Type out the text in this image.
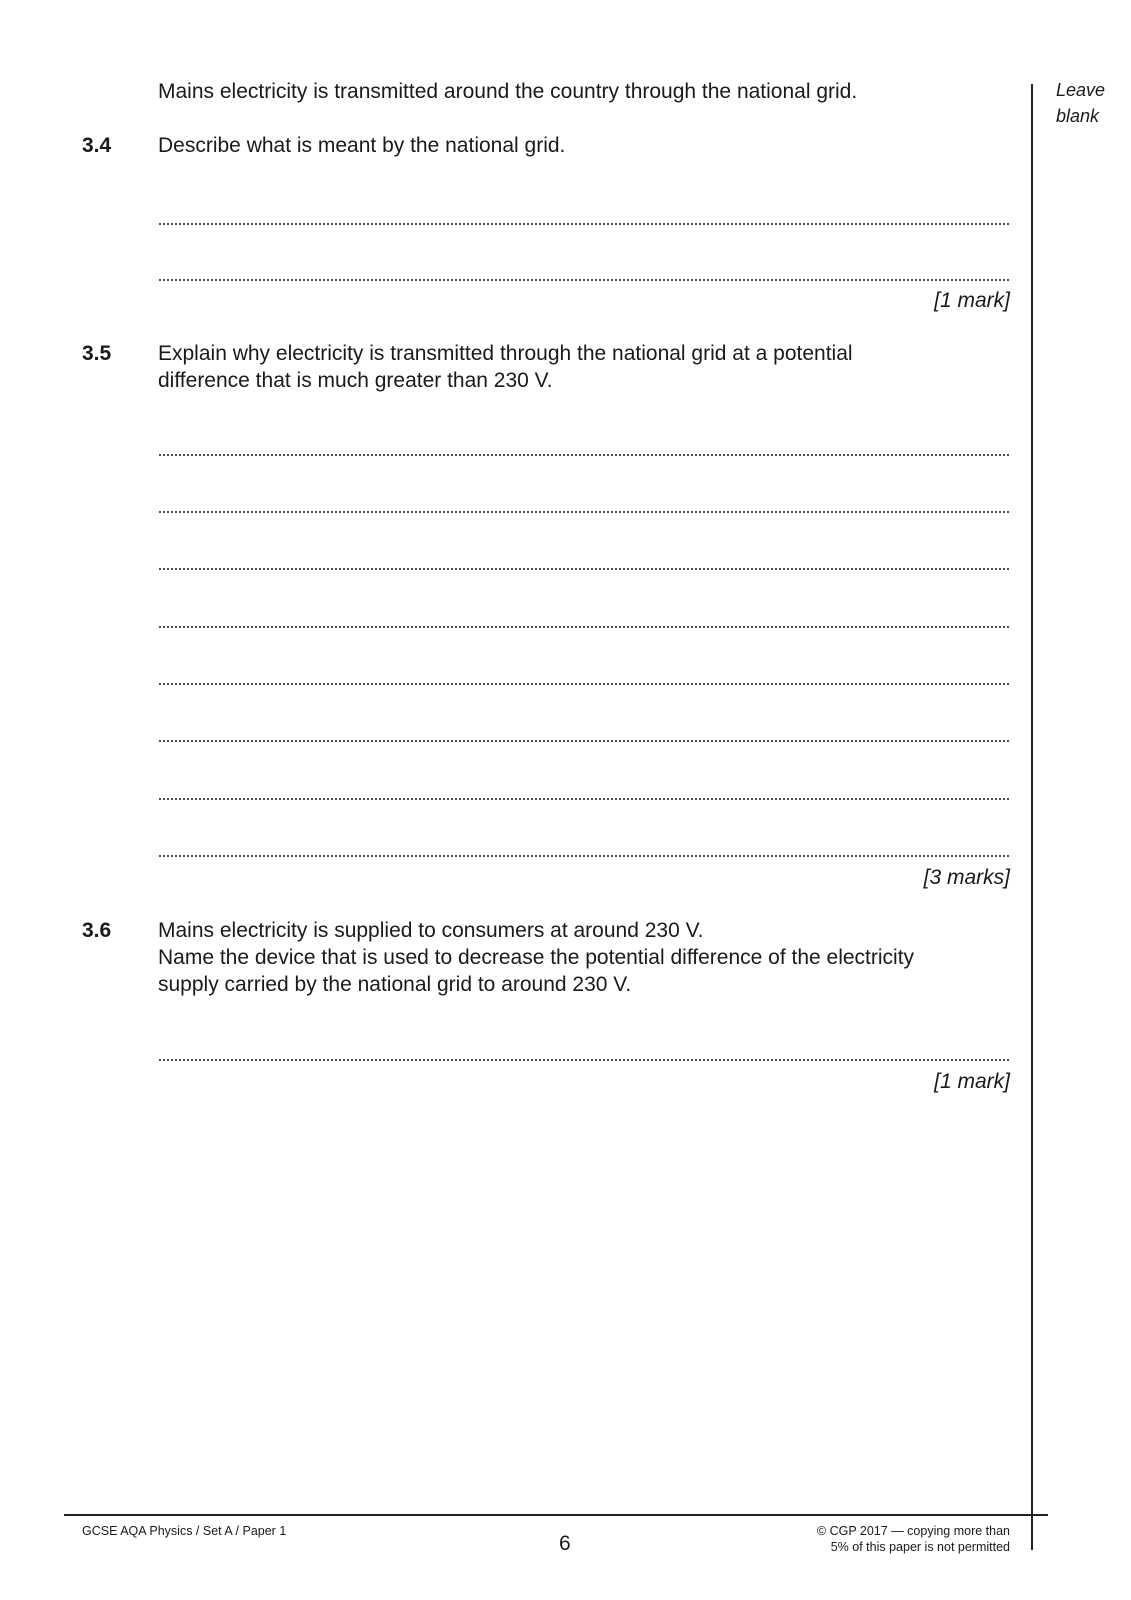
Leave
blank
Mains electricity is transmitted around the country through the national grid.
3.4 Describe what is meant by the national grid.
[1 mark]
3.5 Explain why electricity is transmitted through the national grid at a potential
difference that is much greater than 230 V.
[3 marks]
3.6 Mains electricity is supplied to consumers at around 230 V.
Name the device that is used to decrease the potential difference of the electricity
supply carried by the national grid to around 230 V.
[1 mark]
GCSE AQA Physics / Set A / Paper 1
6
© CGP 2017 — copying more than
5% of this paper is not permitted
